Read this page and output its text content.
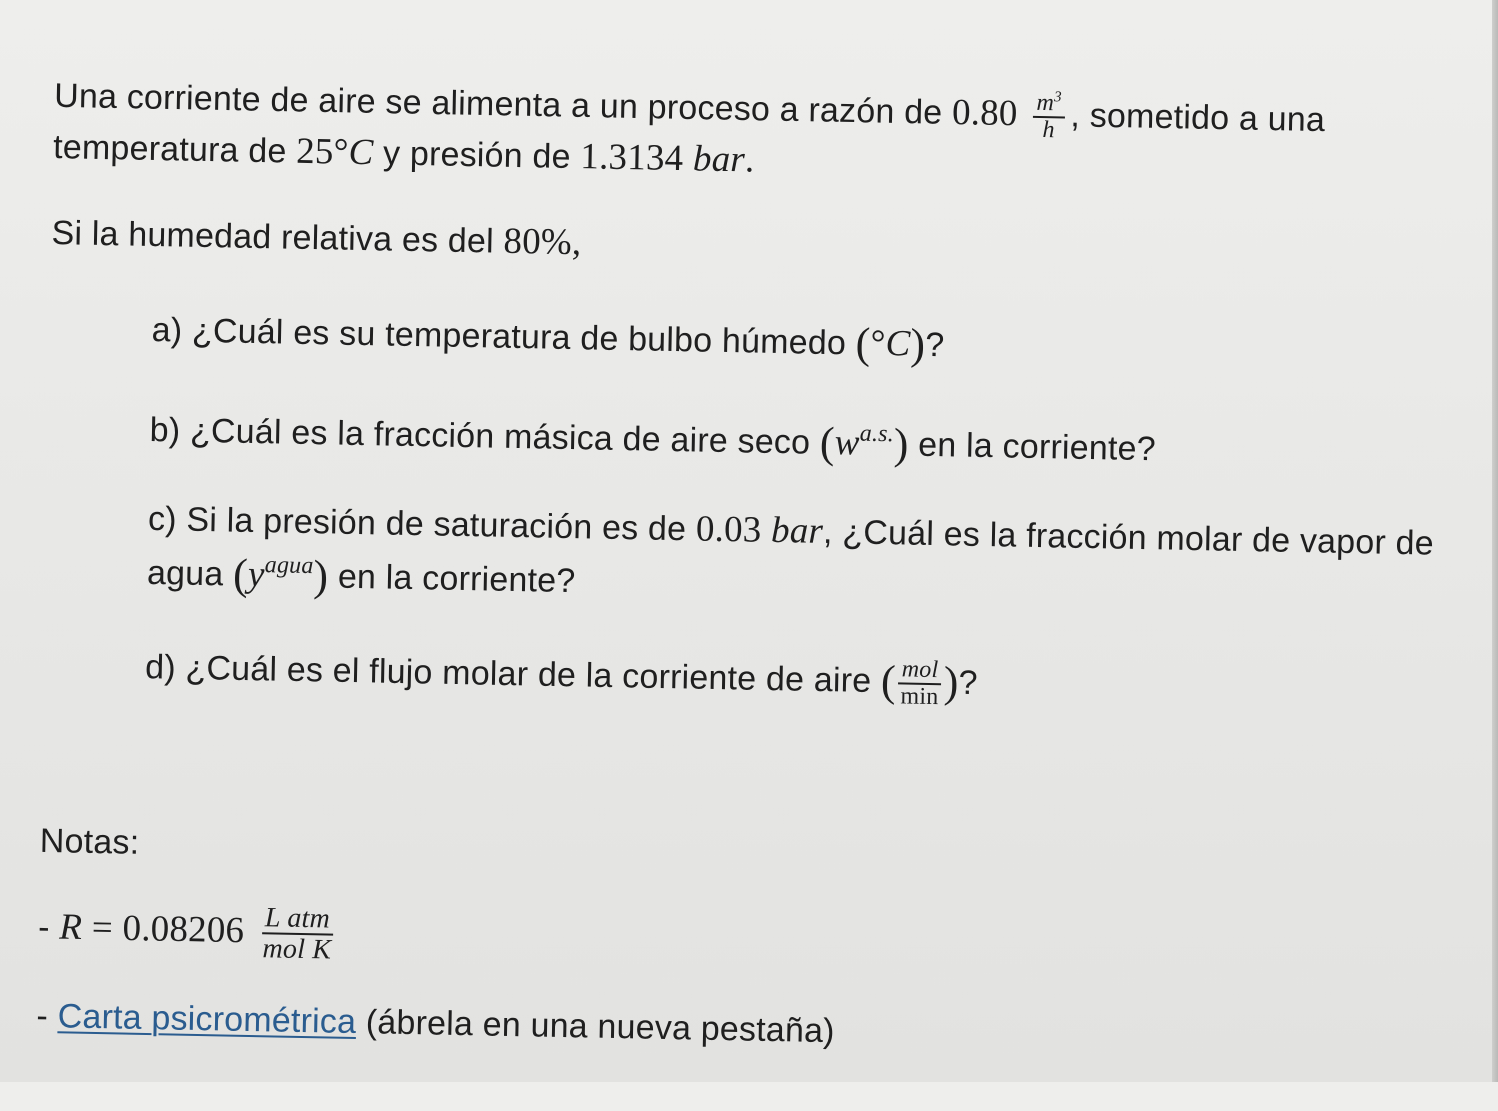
Una corriente de aire se alimenta a un proceso a razón de $0.80 \frac{m^3}{h}$ , sometido a una
temperatura de 25°C y presión de 1.3134 bar.
Si la humedad relativa es del 80%,
a) ¿Cuál es su temperatura de bulbo húmedo (°C)?
b) ¿Cuál es la fracción másica de aire seco $(w^{a.s.})$ en la corriente?
c) Si la presión de saturación es de 0.03 bar, ¿Cuál es la fracción molar de vapor de
agua $(y^{agua})$ en la corriente?
d) ¿Cuál es el flujo molar de la corriente de aire ( $\frac{\text{mol}}{\min}$ )?
Notas:
- $R = 0.08206 \frac{\text{L atm}}{\text{mol K}}$
- Carta psicrométrica (ábrela en una nueva pestaña)
